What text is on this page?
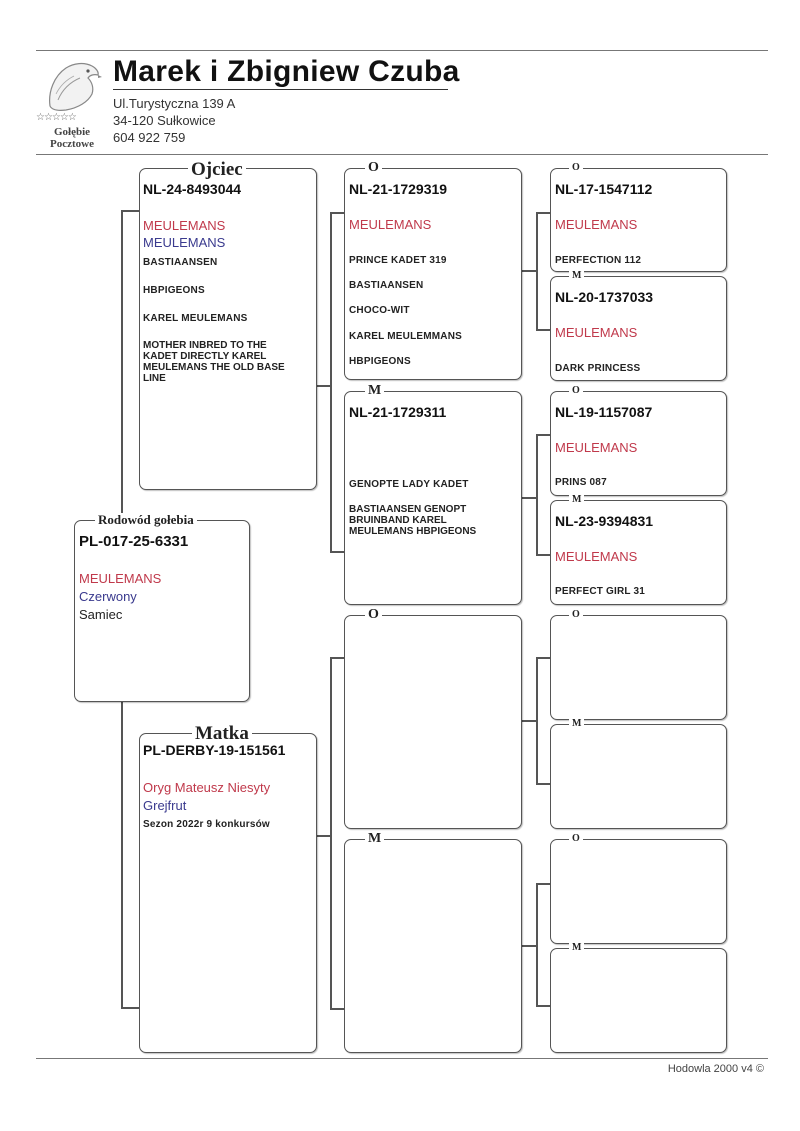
☆☆☆☆☆
Gołębie
Pocztowe
Marek i Zbigniew Czuba
Ul.Turystyczna 139 A
34-120 Sułkowice
604 922 759
Rodowód gołebia
PL-017-25-6331
MEULEMANS
Czerwony
Samiec
Ojciec
NL-24-8493044
MEULEMANS
MEULEMANS
BASTIAANSEN
HBPIGEONS
KAREL MEULEMANS
MOTHER INBRED TO THE KADET DIRECTLY KAREL MEULEMANS THE OLD BASE LINE
Matka
PL-DERBY-19-151561
Oryg Mateusz Niesyty
Grejfrut
Sezon 2022r 9 konkursów
O
NL-21-1729319
MEULEMANS
PRINCE KADET 319
BASTIAANSEN
CHOCO-WIT
KAREL MEULEMMANS
HBPIGEONS
M
NL-21-1729311
GENOPTE LADY KADET
BASTIAANSEN GENOPT BRUINBAND KAREL MEULEMANS HBPIGEONS
O
M
O
NL-17-1547112
MEULEMANS
PERFECTION 112
M
NL-20-1737033
MEULEMANS
DARK PRINCESS
O
NL-19-1157087
MEULEMANS
PRINS 087
M
NL-23-9394831
MEULEMANS
PERFECT GIRL 31
O
M
O
M
Hodowla 2000 v4 ©
